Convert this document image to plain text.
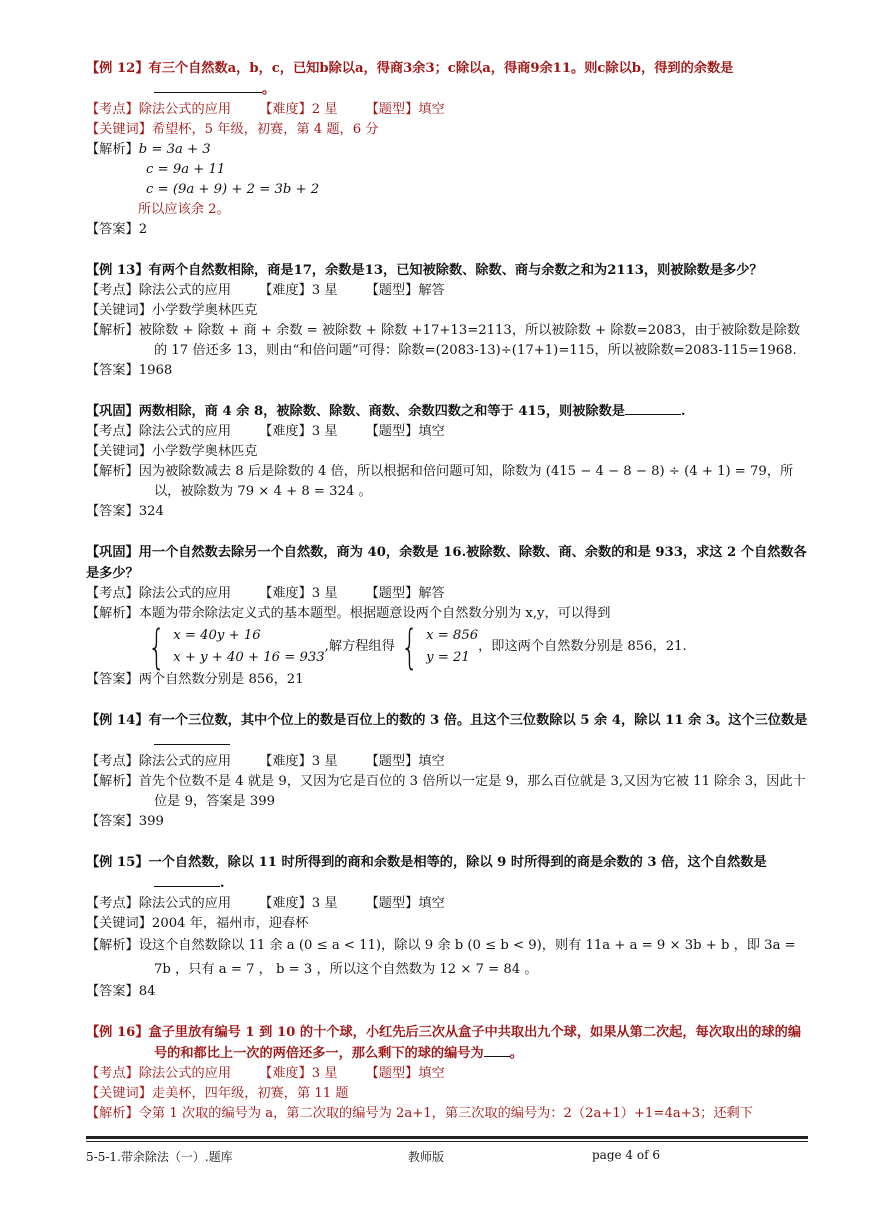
【例 12】有三个自然数a，b，c，已知b除以a，得商3余3；c除以a，得商9余11。则c除以b，得到的余数是。
【考点】除法公式的应用 【难度】2 星 【题型】填空
【关键词】希望杯，5 年级，初赛，第 4 题，6 分
【解析】b = 3a + 3
c = 9a + 11
c = (9a + 9) + 2 = 3b + 2
所以应该余 2。
【答案】2
【例 13】有两个自然数相除，商是17，余数是13，已知被除数、除数、商与余数之和为2113，则被除数是多少？
【考点】除法公式的应用 【难度】3 星 【题型】解答
【关键词】小学数学奥林匹克
【解析】被除数 + 除数 + 商 + 余数 = 被除数 + 除数 +17+13=2113，所以被除数 + 除数=2083，由于被除数是除数的 17 倍还多 13，则由“和倍问题”可得：除数=(2083-13)÷(17+1)=115，所以被除数=2083-115=1968.
【答案】1968
【巩固】两数相除，商 4 余 8，被除数、除数、商数、余数四数之和等于 415，则被除数是	.
【考点】除法公式的应用 【难度】3 星 【题型】填空
【关键词】小学数学奥林匹克
【解析】因为被除数减去 8 后是除数的 4 倍，所以根据和倍问题可知，除数为 (415 − 4 − 8 − 8) ÷ (4 + 1) = 79，所以，被除数为 79 × 4 + 8 = 324 。
【答案】324
【巩固】用一个自然数去除另一个自然数，商为 40，余数是 16.被除数、除数、商、余数的和是 933，求这 2 个自然数各是多少？
【考点】除法公式的应用 【难度】3 星 【题型】解答
【解析】本题为带余除法定义式的基本题型。根据题意设两个自然数分别为 x,y，可以得到
{ x = 40y + 16
x + y + 40 + 16 = 933
,解方程组得 { x = 856
y = 21
，即这两个自然数分别是 856，21.
【答案】两个自然数分别是 856，21
【例 14】有一个三位数，其中个位上的数是百位上的数的 3 倍。且这个三位数除以 5 余 4，除以 11 余 3。这个三位数是
【考点】除法公式的应用 【难度】3 星 【题型】填空
【解析】首先个位数不是 4 就是 9，又因为它是百位的 3 倍所以一定是 9，那么百位就是 3,又因为它被 11 除余 3，因此十位是 9，答案是 399
【答案】399
【例 15】一个自然数，除以 11 时所得到的商和余数是相等的，除以 9 时所得到的商是余数的 3 倍，这个自然数是.
【考点】除法公式的应用 【难度】3 星 【题型】填空
【关键词】2004 年，福州市，迎春杯
【解析】设这个自然数除以 11 余 a (0 ≤ a < 11)，除以 9 余 b (0 ≤ b < 9)，则有 11a + a = 9 × 3b + b ，即 3a = 7b ，只有 a = 7 ， b = 3 ，所以这个自然数为 12 × 7 = 84 。
【答案】84
【例 16】盒子里放有编号 1 到 10 的十个球，小红先后三次从盒子中共取出九个球，如果从第二次起，每次取出的球的编号的和都比上一次的两倍还多一，那么剩下的球的编号为 。
【考点】除法公式的应用 【难度】3 星 【题型】填空
【关键词】走美杯，四年级，初赛，第 11 题
【解析】令第 1 次取的编号为 a，第二次取的编号为 2a+1，第三次取的编号为：2（2a+1）+1=4a+3；还剩下
5-5-1.带余除法（一）.题库	教师版	page 4 of 6
